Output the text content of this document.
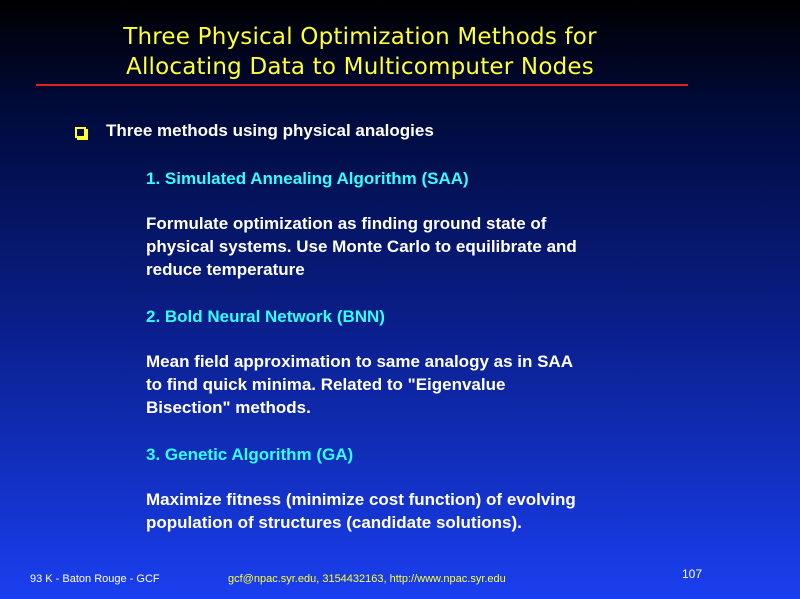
Three Physical Optimization Methods for
Allocating Data to Multicomputer Nodes
Three methods using physical analogies
1. Simulated Annealing Algorithm (SAA)
Formulate optimization as finding ground state of
physical systems. Use Monte Carlo to equilibrate and
reduce temperature
2. Bold Neural Network (BNN)
Mean field approximation to same analogy as in SAA
to find quick minima. Related to "Eigenvalue
Bisection" methods.
3. Genetic Algorithm (GA)
Maximize fitness (minimize cost function) of evolving
population of structures (candidate solutions).
93 K - Baton Rouge - GCF	gcf@npac.syr.edu, 3154432163, http://www.npac.syr.edu	107
